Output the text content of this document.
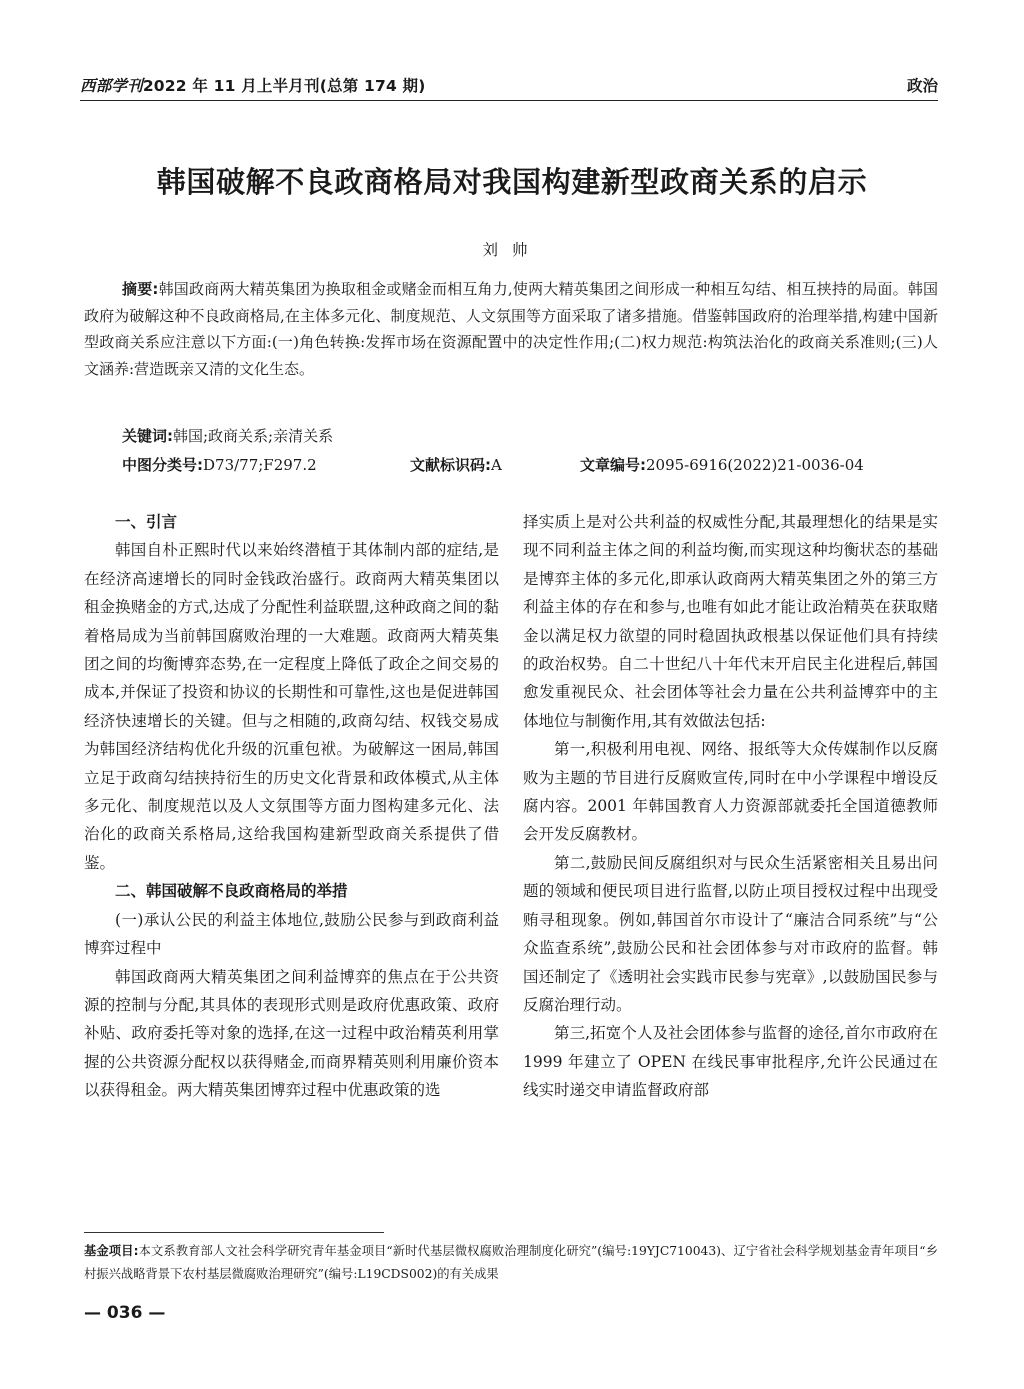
西部学刊2022 年 11 月上半月刊(总第 174 期)	政治
韩国破解不良政商格局对我国构建新型政商关系的启示
刘帅
摘要:韩国政商两大精英集团为换取租金或赌金而相互角力,使两大精英集团之间形成一种相互勾结、相互挟持的局面。韩国政府为破解这种不良政商格局,在主体多元化、制度规范、人文氛围等方面采取了诸多措施。借鉴韩国政府的治理举措,构建中国新型政商关系应注意以下方面:(一)角色转换:发挥市场在资源配置中的决定性作用;(二)权力规范:构筑法治化的政商关系准则;(三)人文涵养:营造既亲又清的文化生态。
关键词:韩国;政商关系;亲清关系
中图分类号:D73/77;F297.2	文献标识码:A	文章编号:2095-6916(2022)21-0036-04
一、引言

韩国自朴正熙时代以来始终潜植于其体制内部的症结,是在经济高速增长的同时金钱政治盛行。政商两大精英集团以租金换赌金的方式,达成了分配性利益联盟,这种政商之间的黏着格局成为当前韩国腐败治理的一大难题。政商两大精英集团之间的均衡博弈态势,在一定程度上降低了政企之间交易的成本,并保证了投资和协议的长期性和可靠性,这也是促进韩国经济快速增长的关键。但与之相随的,政商勾结、权钱交易成为韩国经济结构优化升级的沉重包袱。为破解这一困局,韩国立足于政商勾结挟持衍生的历史文化背景和政体模式,从主体多元化、制度规范以及人文氛围等方面力图构建多元化、法治化的政商关系格局,这给我国构建新型政商关系提供了借鉴。

二、韩国破解不良政商格局的举措
(一)承认公民的利益主体地位,鼓励公民参与到政商利益博弈过程中

韩国政商两大精英集团之间利益博弈的焦点在于公共资源的控制与分配,其具体的表现形式则是政府优惠政策、政府补贴、政府委托等对象的选择,在这一过程中政治精英利用掌握的公共资源分配权以获得赌金,而商界精英则利用廉价资本以获得租金。两大精英集团博弈过程中优惠政策的选

择实质上是对公共利益的权威性分配,其最理想化的结果是实现不同利益主体之间的利益均衡,而实现这种均衡状态的基础是博弈主体的多元化,即承认政商两大精英集团之外的第三方利益主体的存在和参与,也唯有如此才能让政治精英在获取赌金以满足权力欲望的同时稳固执政根基以保证他们具有持续的政治权势。自二十世纪八十年代末开启民主化进程后,韩国愈发重视民众、社会团体等社会力量在公共利益博弈中的主体地位与制衡作用,其有效做法包括:

第一,积极利用电视、网络、报纸等大众传媒制作以反腐败为主题的节目进行反腐败宣传,同时在中小学课程中增设反腐内容。2001 年韩国教育人力资源部就委托全国道德教师会开发反腐教材。

第二,鼓励民间反腐组织对与民众生活紧密相关且易出问题的领域和便民项目进行监督,以防止项目授权过程中出现受贿寻租现象。例如,韩国首尔市设计了“廉洁合同系统”与“公众监查系统”,鼓励公民和社会团体参与对市政府的监督。韩国还制定了《透明社会实践市民参与宪章》,以鼓励国民参与反腐治理行动。

第三,拓宽个人及社会团体参与监督的途径,首尔市政府在 1999 年建立了 OPEN 在线民事审批程序,允许公民通过在线实时递交申请监督政府部

基金项目:本文系教育部人文社会科学研究青年基金项目“新时代基层微权腐败治理制度化研究”(编号:19YJC710043)、辽宁省社会科学规划基金青年项目“乡村振兴战略背景下农村基层微腐败治理研究”(编号:L19CDS002)的有关成果
— 036 —
